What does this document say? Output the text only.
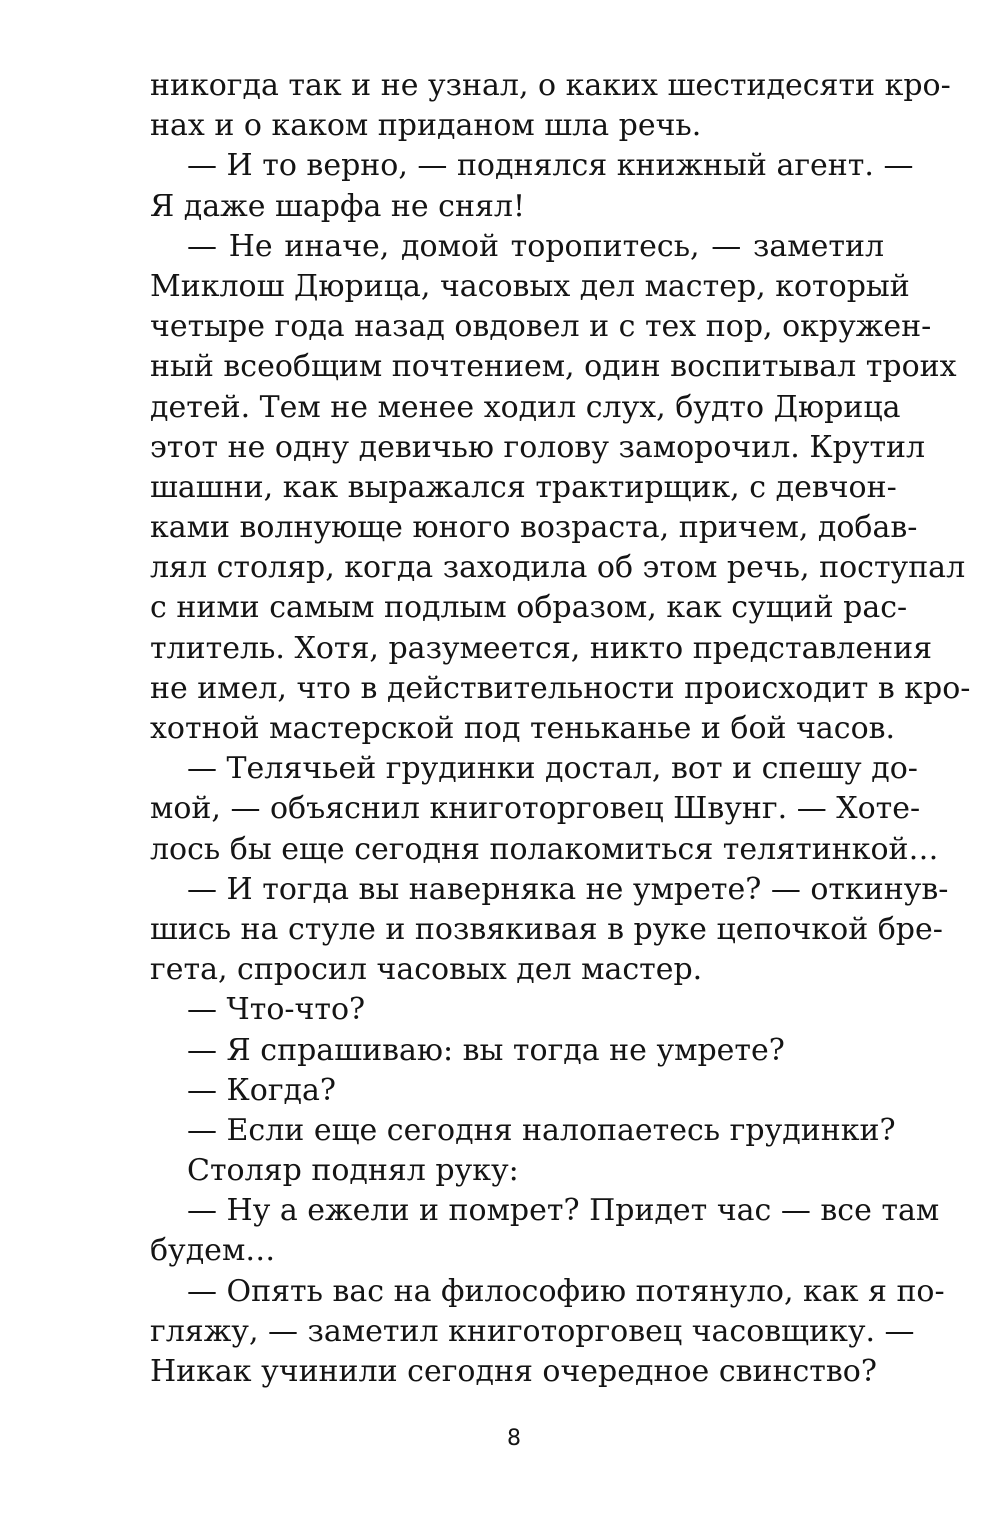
никогда так и не узнал, о каких шестидесяти кро-
нах и о каком приданом шла речь.
— И то верно, — поднялся книжный агент. —
Я даже шарфа не снял!
— Не иначе, домой торопитесь, — заметил
Миклош Дюрица, часовых дел мастер, который
четыре года назад овдовел и с тех пор, окружен-
ный всеобщим почтением, один воспитывал троих
детей. Тем не менее ходил слух, будто Дюрица
этот не одну девичью голову заморочил. Крутил
шашни, как выражался трактирщик, с девчон-
ками волнующе юного возраста, причем, добав-
лял столяр, когда заходила об этом речь, поступал
с ними самым подлым образом, как сущий рас-
тлитель. Хотя, разумеется, никто представления
не имел, что в действительности происходит в кро-
хотной мастерской под теньканье и бой часов.
— Телячьей грудинки достал, вот и спешу до-
мой, — объяснил книготорговец Швунг. — Хоте-
лось бы еще сегодня полакомиться телятинкой…
— И тогда вы наверняка не умрете? — откинув-
шись на стуле и позвякивая в руке цепочкой бре-
гета, спросил часовых дел мастер.
— Что-что?
— Я спрашиваю: вы тогда не умрете?
— Когда?
— Если еще сегодня налопаетесь грудинки?
Столяр поднял руку:
— Ну а ежели и помрет? Придет час — все там
будем…
— Опять вас на философию потянуло, как я по-
гляжу, — заметил книготорговец часовщику. —
Никак учинили сегодня очередное свинство?
8
